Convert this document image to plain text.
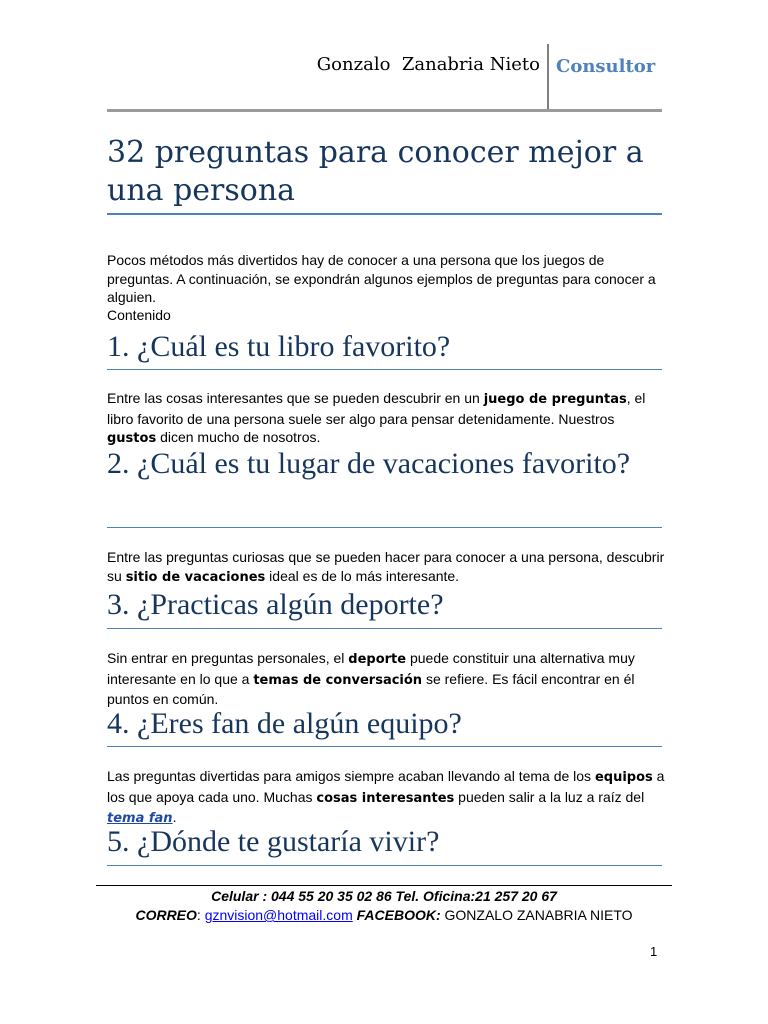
Gonzalo  Zanabria Nieto Consultor
32 preguntas para conocer mejor a una persona
Pocos métodos más divertidos hay de conocer a una persona que los juegos de preguntas. A continuación, se expondrán algunos ejemplos de preguntas para conocer a alguien.
Contenido
1. ¿Cuál es tu libro favorito?
Entre las cosas interesantes que se pueden descubrir en un juego de preguntas, el libro favorito de una persona suele ser algo para pensar detenidamente. Nuestros gustos dicen mucho de nosotros.
2. ¿Cuál es tu lugar de vacaciones favorito?
Entre las preguntas curiosas que se pueden hacer para conocer a una persona, descubrir su sitio de vacaciones ideal es de lo más interesante.
3. ¿Practicas algún deporte?
Sin entrar en preguntas personales, el deporte puede constituir una alternativa muy interesante en lo que a temas de conversación se refiere. Es fácil encontrar en él puntos en común.
4. ¿Eres fan de algún equipo?
Las preguntas divertidas para amigos siempre acaban llevando al tema de los equipos a los que apoya cada uno. Muchas cosas interesantes pueden salir a la luz a raíz del tema fan.
5. ¿Dónde te gustaría vivir?
Celular : 044 55 20 35 02 86 Tel. Oficina:21 257 20 67
CORREO: gznvision@hotmail.com FACEBOOK: GONZALO ZANABRIA NIETO
1
